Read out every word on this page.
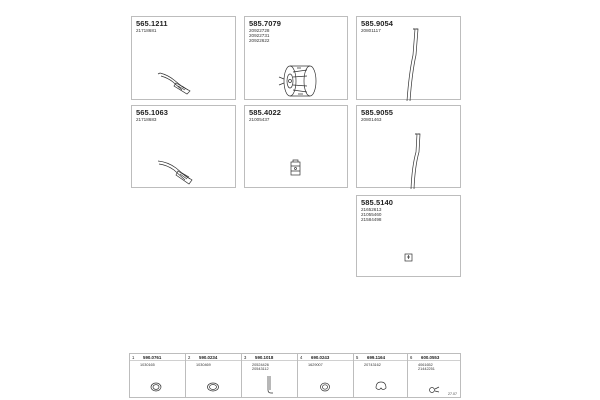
565.1211
21718681
585.7079
20922728
20922731
20922622
585.9054
20801117
565.1063
21718683
585.4022
21005437
585.9055
20801463
585.5140
21652613
21055460
21584498
1 590.0761
1030165
2 590.0234
1030469
3 590.1018
20524426
20543112
4 690.0243
1629007
5 699.1164
20743162
6 600.0553
4061652
21442251
27.07
